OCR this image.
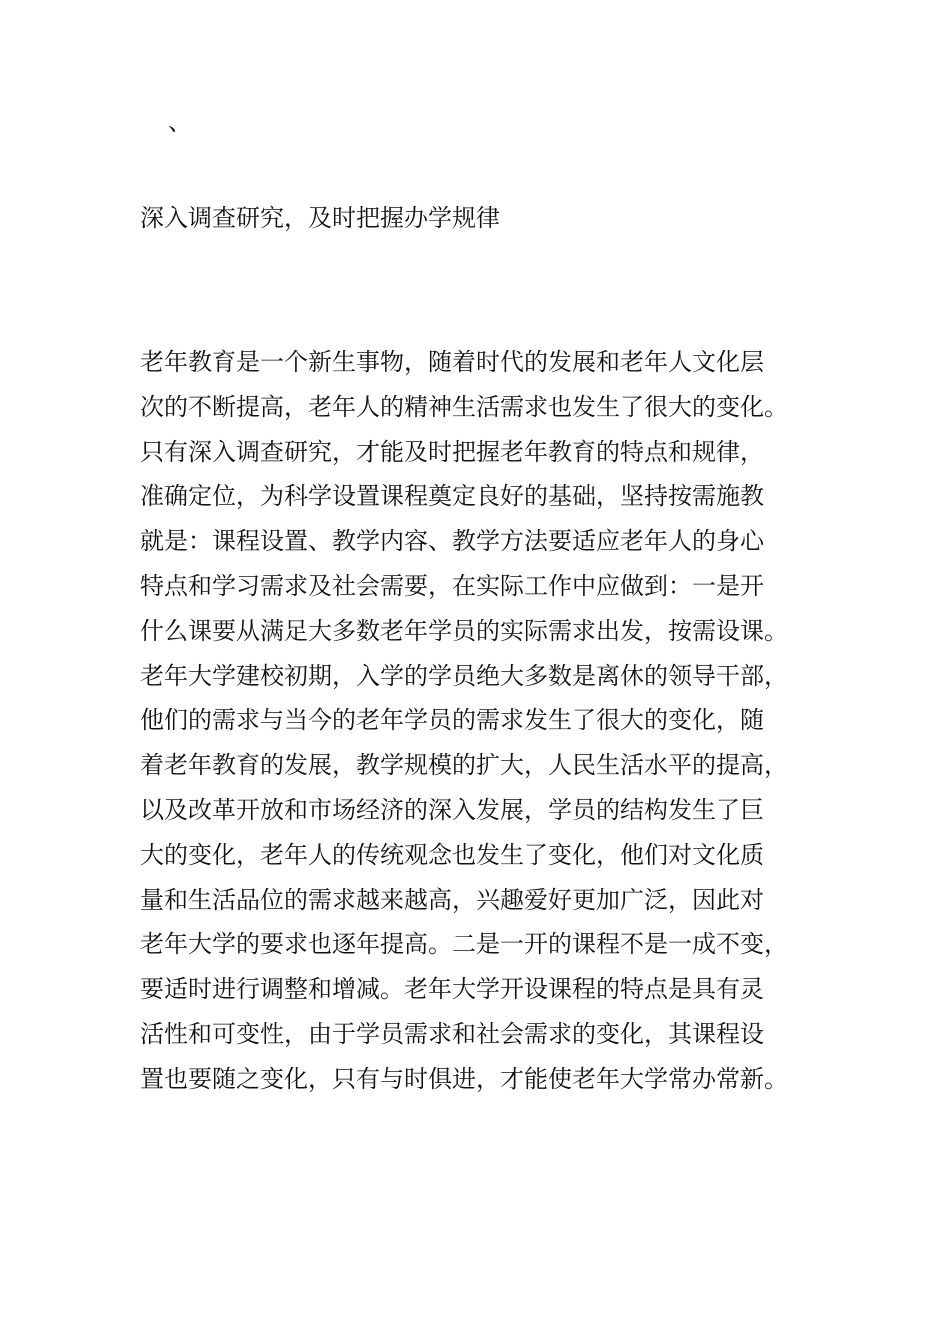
、
深入调查研究，及时把握办学规律
老年教育是一个新生事物，随着时代的发展和老年人文化层
次的不断提高，老年人的精神生活需求也发生了很大的变化。
只有深入调查研究，才能及时把握老年教育的特点和规律，
准确定位，为科学设置课程奠定良好的基础，坚持按需施教
就是：课程设置、教学内容、教学方法要适应老年人的身心
特点和学习需求及社会需要，在实际工作中应做到：一是开
什么课要从满足大多数老年学员的实际需求出发，按需设课。
老年大学建校初期，入学的学员绝大多数是离休的领导干部，
他们的需求与当今的老年学员的需求发生了很大的变化，随
着老年教育的发展，教学规模的扩大，人民生活水平的提高，
以及改革开放和市场经济的深入发展，学员的结构发生了巨
大的变化，老年人的传统观念也发生了变化，他们对文化质
量和生活品位的需求越来越高，兴趣爱好更加广泛，因此对
老年大学的要求也逐年提高。二是一开的课程不是一成不变，
要适时进行调整和增减。老年大学开设课程的特点是具有灵
活性和可变性，由于学员需求和社会需求的变化，其课程设
置也要随之变化，只有与时俱进，才能使老年大学常办常新。
